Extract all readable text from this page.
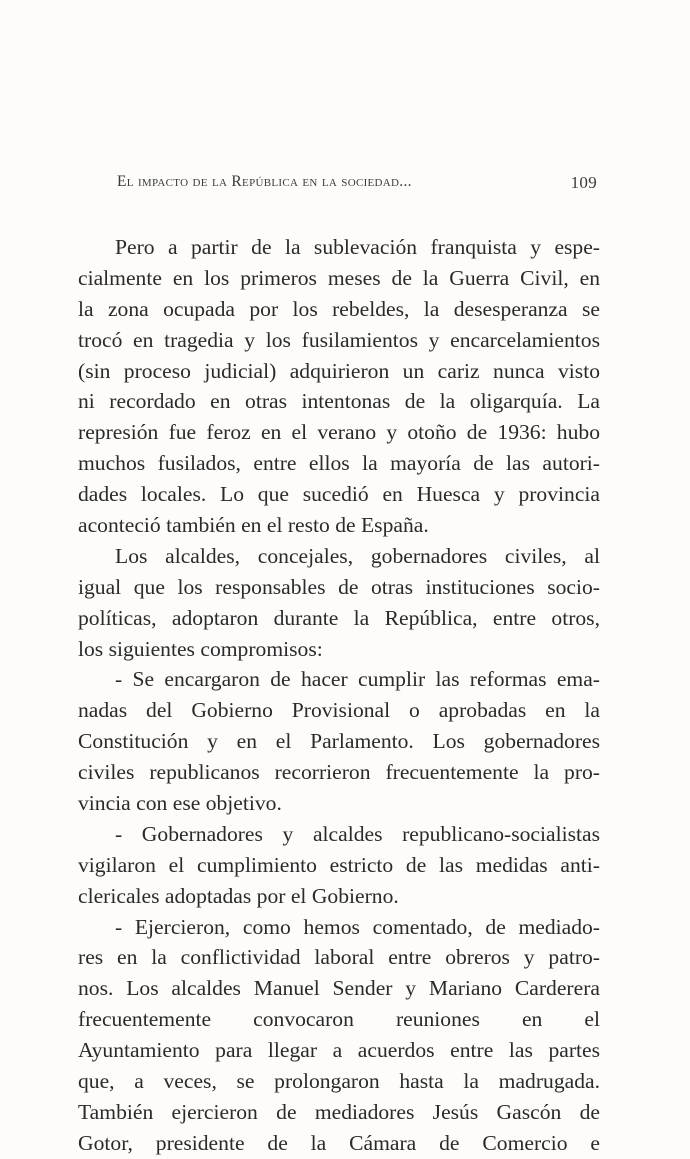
El impacto de la República en la sociedad...	109
Pero a partir de la sublevación franquista y espe-
cialmente en los primeros meses de la Guerra Civil, en
la zona ocupada por los rebeldes, la desesperanza se
trocó en tragedia y los fusilamientos y encarcelamientos
(sin proceso judicial) adquirieron un cariz nunca visto
ni recordado en otras intentonas de la oligarquía. La
represión fue feroz en el verano y otoño de 1936: hubo
muchos fusilados, entre ellos la mayoría de las autori-
dades locales. Lo que sucedió en Huesca y provincia
aconteció también en el resto de España.
Los alcaldes, concejales, gobernadores civiles, al
igual que los responsables de otras instituciones socio-
políticas, adoptaron durante la República, entre otros,
los siguientes compromisos:
- Se encargaron de hacer cumplir las reformas ema-
nadas del Gobierno Provisional o aprobadas en la
Constitución y en el Parlamento. Los gobernadores
civiles republicanos recorrieron frecuentemente la pro-
vincia con ese objetivo.
- Gobernadores y alcaldes republicano-socialistas
vigilaron el cumplimiento estricto de las medidas anti-
clericales adoptadas por el Gobierno.
- Ejercieron, como hemos comentado, de mediado-
res en la conflictividad laboral entre obreros y patro-
nos. Los alcaldes Manuel Sender y Mariano Carderera
frecuentemente convocaron reuniones en el
Ayuntamiento para llegar a acuerdos entre las partes
que, a veces, se prolongaron hasta la madrugada.
También ejercieron de mediadores Jesús Gascón de
Gotor, presidente de la Cámara de Comercio e
